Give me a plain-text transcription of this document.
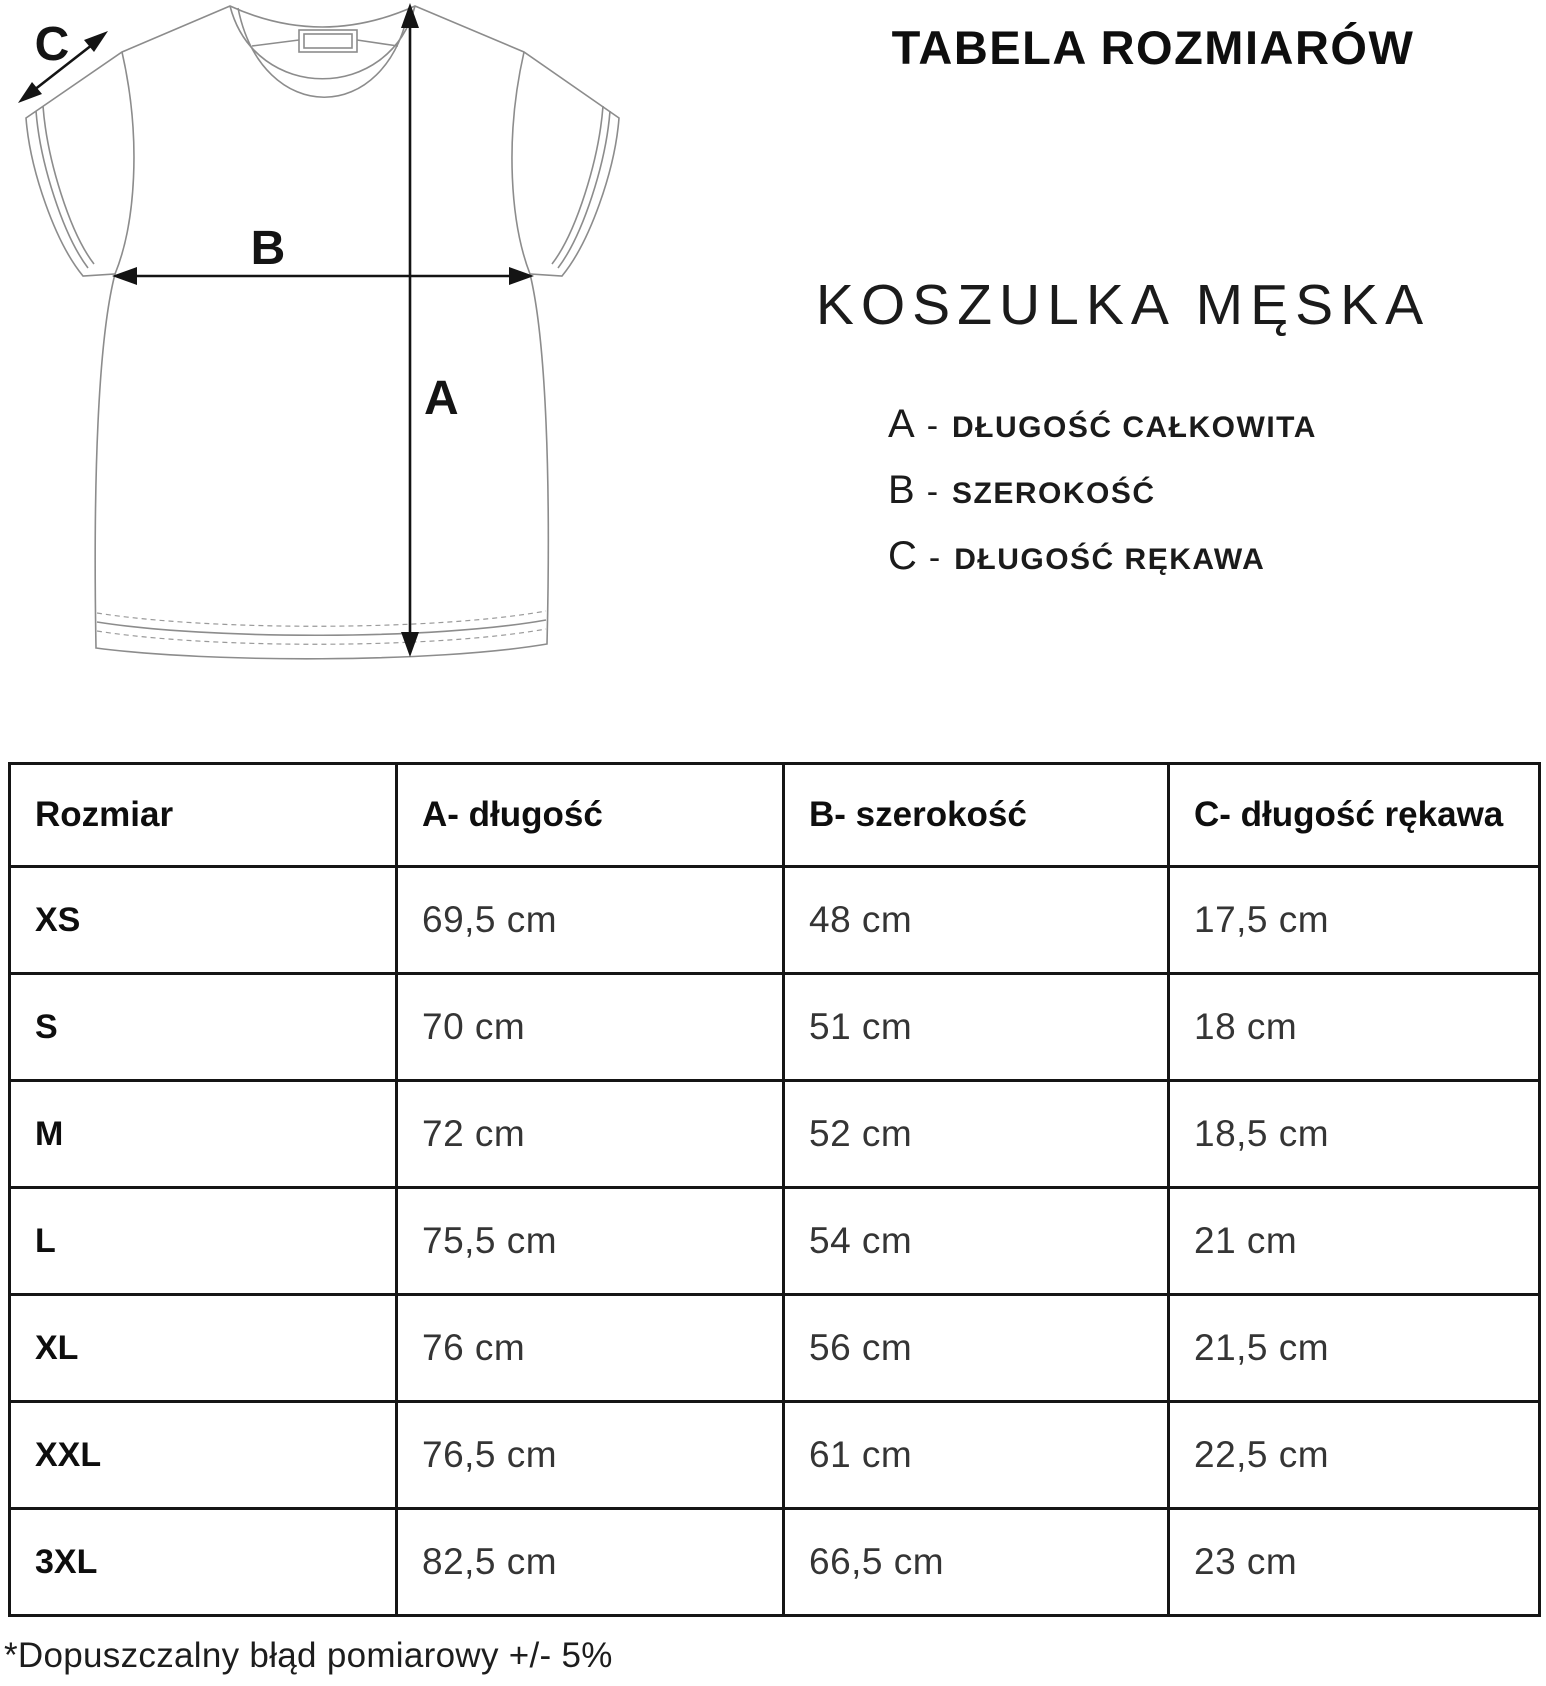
A
B
C	TABELA ROZMIARÓW
KOSZULKA MĘSKA
A - DŁUGOŚĆ CAŁKOWITA
B - SZEROKOŚĆ
C - DŁUGOŚĆ RĘKAWA
Rozmiar	A- długość	B- szerokość	C- długość rękawa
XS	69,5 cm	48 cm	17,5 cm
S	70 cm	51 cm	18 cm
M	72 cm	52 cm	18,5 cm
L	75,5 cm	54 cm	21 cm
XL	76 cm	56 cm	21,5 cm
XXL	76,5 cm	61 cm	22,5 cm
3XL	82,5 cm	66,5 cm	23 cm
*Dopuszczalny błąd pomiarowy +/- 5%
